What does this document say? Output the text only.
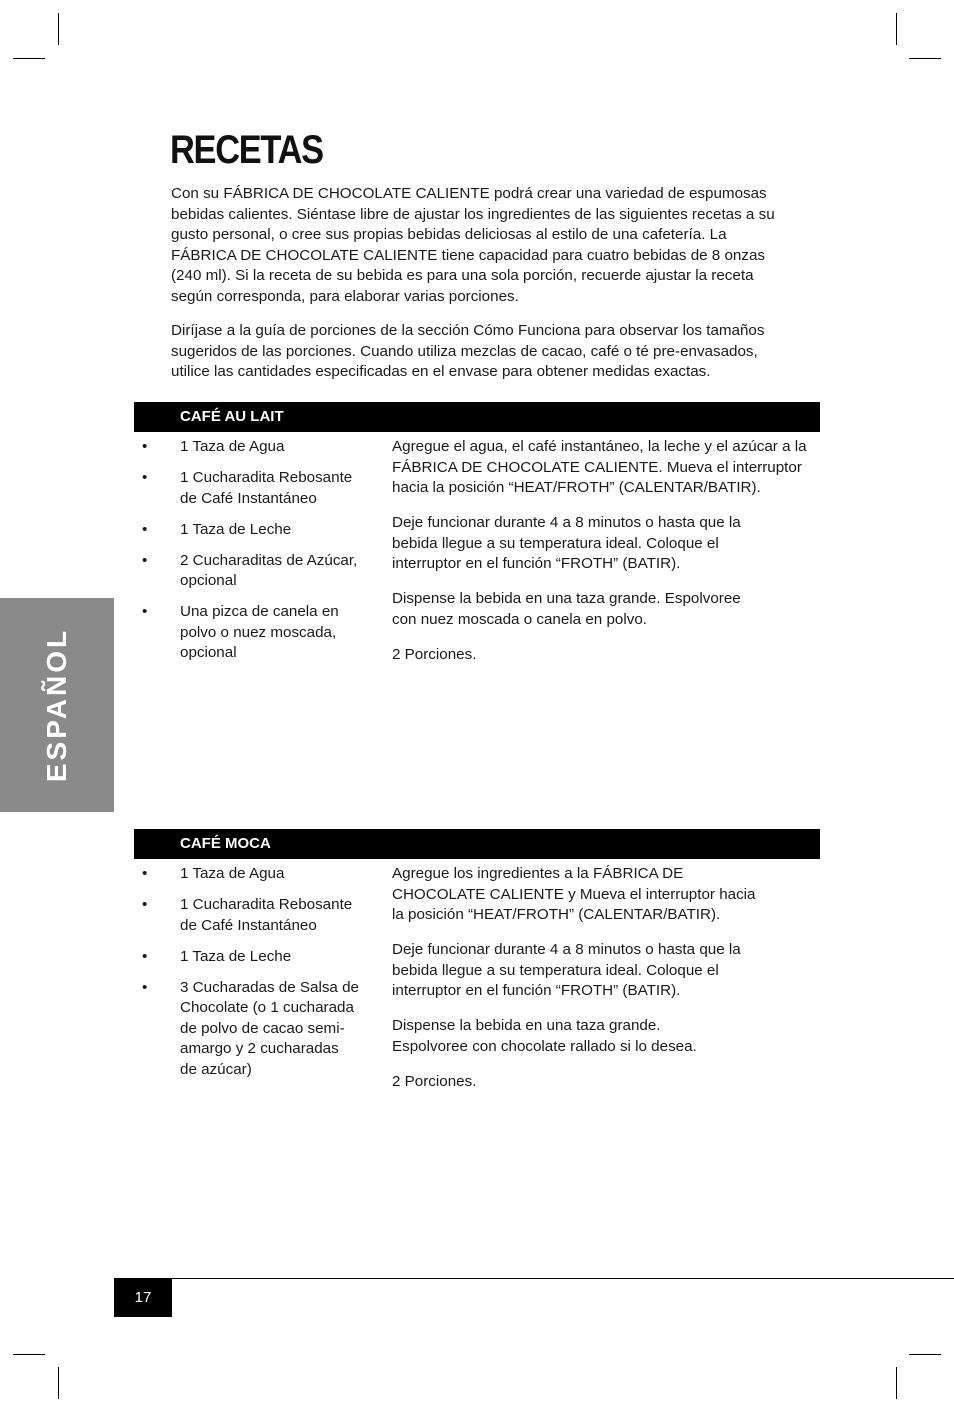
RECETAS

Con su FÁBRICA DE CHOCOLATE CALIENTE podrá crear una variedad de espumosas bebidas calientes. Siéntase libre de ajustar los ingredientes de las siguientes recetas a su gusto personal, o cree sus propias bebidas deliciosas al estilo de una cafetería. La FÁBRICA DE CHOCOLATE CALIENTE tiene capacidad para cuatro bebidas de 8 onzas (240 ml). Si la receta de su bebida es para una sola porción, recuerde ajustar la receta según corresponda, para elaborar varias porciones.

Diríjase a la guía de porciones de la sección Cómo Funciona para observar los tamaños sugeridos de las porciones. Cuando utiliza mezclas de cacao, café o té pre-envasados, utilice las cantidades especificadas en el envase para obtener medidas exactas.

ESPAÑOL
CAFÉ AU LAIT
• 1 Taza de Agua
• 1 Cucharadita Rebosante de Café Instantáneo
• 1 Taza de Leche
• 2 Cucharaditas de Azúcar, opcional
• Una pizca de canela en polvo o nuez moscada, opcional

Agregue el agua, el café instantáneo, la leche y el azúcar a la FÁBRICA DE CHOCOLATE CALIENTE. Mueva el interruptor hacia la posición “HEAT/FROTH” (CALENTAR/BATIR).

Deje funcionar durante 4 a 8 minutos o hasta que la bebida llegue a su temperatura ideal. Coloque el interruptor en el función “FROTH” (BATIR).

Dispense la bebida en una taza grande. Espolvoree con nuez moscada o canela en polvo.

2 Porciones.

CAFÉ MOCA
• 1 Taza de Agua
• 1 Cucharadita Rebosante de Café Instantáneo
• 1 Taza de Leche
• 3 Cucharadas de Salsa de Chocolate (o 1 cucharada de polvo de cacao semi-amargo y 2 cucharadas de azúcar)

Agregue los ingredientes a la FÁBRICA DE CHOCOLATE CALIENTE y Mueva el interruptor hacia la posición “HEAT/FROTH” (CALENTAR/BATIR).

Deje funcionar durante 4 a 8 minutos o hasta que la bebida llegue a su temperatura ideal. Coloque el interruptor en el función “FROTH” (BATIR).

Dispense la bebida en una taza grande. Espolvoree con chocolate rallado si lo desea.

2 Porciones.

17
